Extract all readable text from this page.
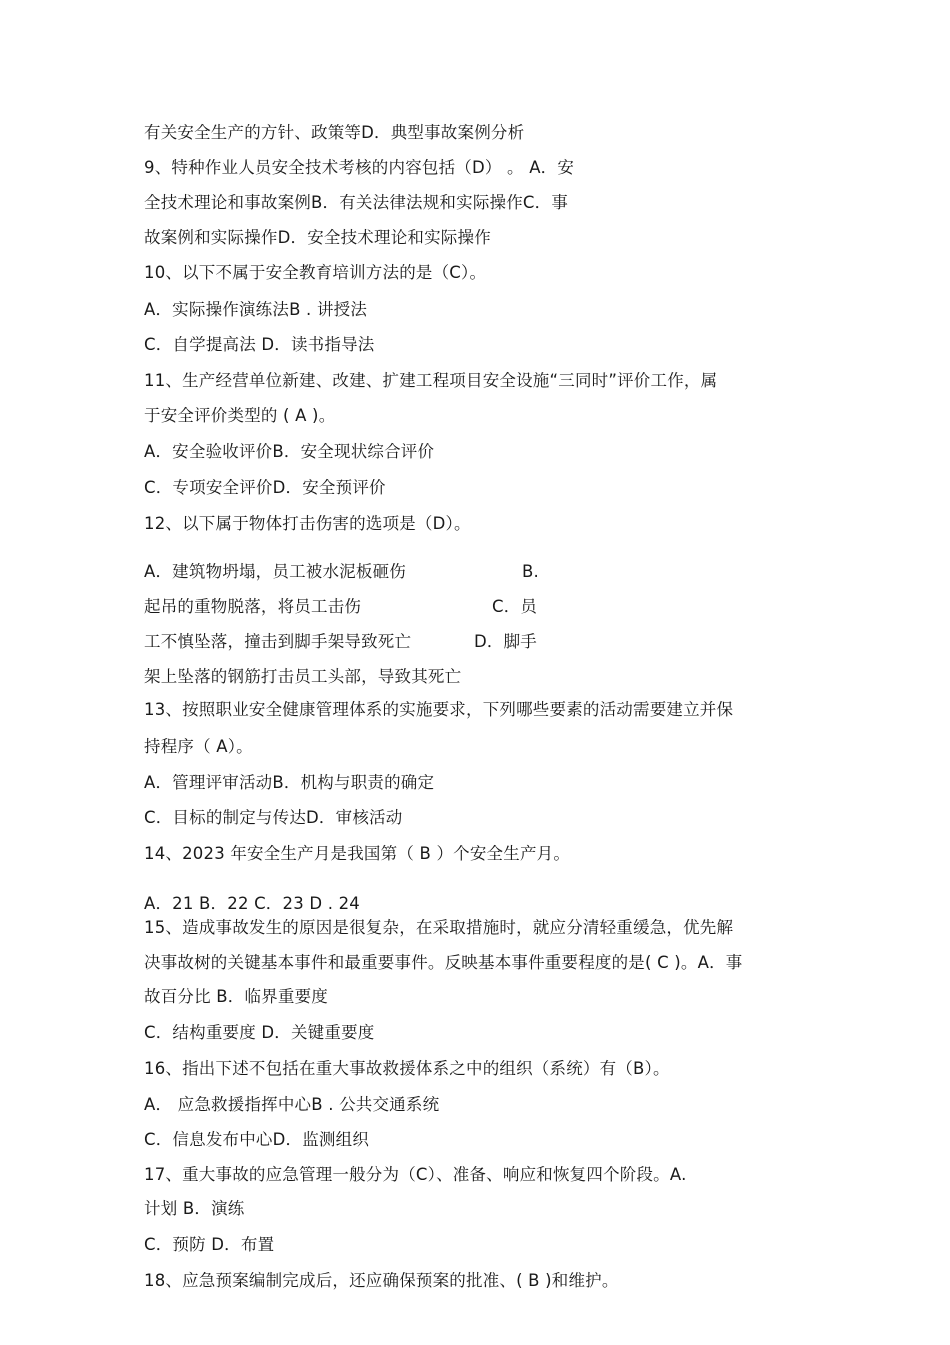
有关安全生产的方针、政策等D．典型事故案例分析
9、特种作业人员安全技术考核的内容包括（D） 。 A．安
全技术理论和事故案例B．有关法律法规和实际操作C．事
故案例和实际操作D．安全技术理论和实际操作
10、以下不属于安全教育培训方法的是（C）。
A．实际操作演练法B . 讲授法
C．自学提高法 D．读书指导法
11、生产经营单位新建、改建、扩建工程项目安全设施“三同时”评价工作，属
于安全评价类型的 ( A )。
A．安全验收评价B．安全现状综合评价
C．专项安全评价D．安全预评价
12、以下属于物体打击伤害的选项是（D）。
A．建筑物坍塌，员工被水泥板砸伤	B.
起吊的重物脱落，将员工击伤	C．员
工不慎坠落，撞击到脚手架导致死亡	D．脚手
架上坠落的钢筋打击员工头部，导致其死亡
13、按照职业安全健康管理体系的实施要求，下列哪些要素的活动需要建立并保
持程序（ A）。
A．管理评审活动B．机构与职责的确定
C．目标的制定与传达D．审核活动
14、2023 年安全生产月是我国第（ B ）个安全生产月。
A．21 B．22 C．23 D . 24
15、造成事故发生的原因是很复杂，在采取措施时，就应分清轻重缓急，优先解
决事故树的关键基本事件和最重要事件。反映基本事件重要程度的是( C )。A．事
故百分比 B．临界重要度
C．结构重要度 D．关键重要度
16、指出下述不包括在重大事故救援体系之中的组织（系统）有（B）。
A． 应急救援指挥中心B . 公共交通系统
C．信息发布中心D．监测组织
17、重大事故的应急管理一般分为（C）、准备、响应和恢复四个阶段。A.
计划 B．演练
C．预防 D．布置
18、应急预案编制完成后，还应确保预案的批准、( B )和维护。
